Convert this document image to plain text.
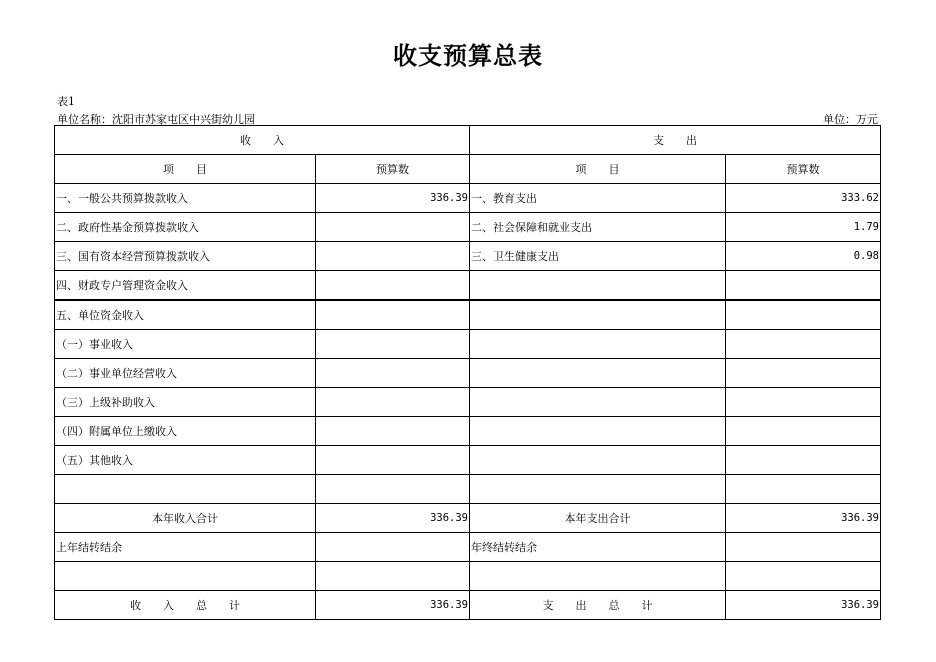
收支预算总表
表1
单位名称：沈阳市苏家屯区中兴街幼儿园	单位：万元
收　　入		支　　出	
项　　目	预算数	项　　目	预算数
一、一般公共预算拨款收入	336.39	一、教育支出	333.62
二、政府性基金预算拨款收入		二、社会保障和就业支出	1.79
三、国有资本经营预算拨款收入		三、卫生健康支出	0.98
四、财政专户管理资金收入			
五、单位资金收入			
（一）事业收入			
（二）事业单位经营收入			
（三）上级补助收入			
（四）附属单位上缴收入			
（五）其他收入			

本年收入合计	336.39	本年支出合计	336.39
上年结转结余		年终结转结余	

收　　入　　总　　计	336.39	支　　出　　总　　计	336.39
